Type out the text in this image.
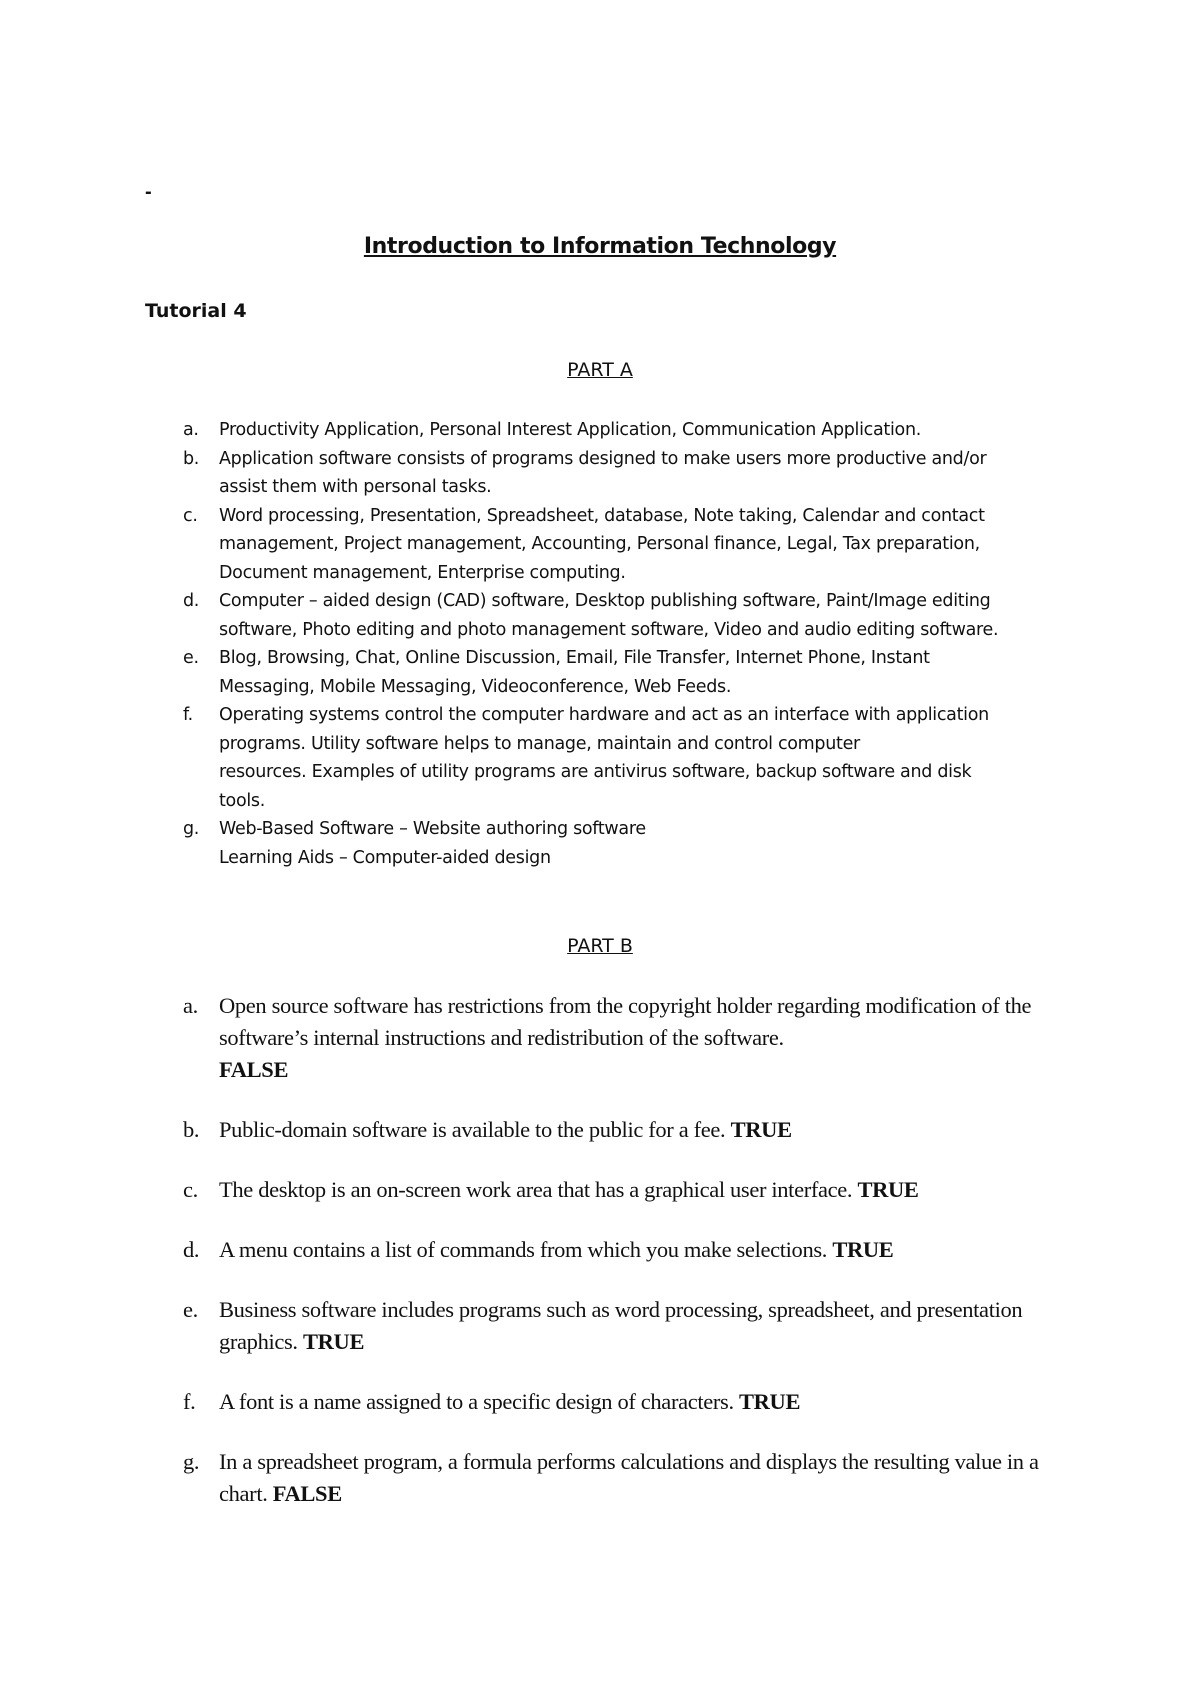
-
Introduction to Information Technology
Tutorial 4
PART A
a. Productivity Application, Personal Interest Application, Communication Application.
b. Application software consists of programs designed to make users more productive and/or
assist them with personal tasks.
c. Word processing, Presentation, Spreadsheet, database, Note taking, Calendar and contact
management, Project management, Accounting, Personal finance, Legal, Tax preparation,
Document management, Enterprise computing.
d. Computer – aided design (CAD) software, Desktop publishing software, Paint/Image editing
software, Photo editing and photo management software, Video and audio editing software.
e. Blog, Browsing, Chat, Online Discussion, Email, File Transfer, Internet Phone, Instant
Messaging, Mobile Messaging, Videoconference, Web Feeds.
f. Operating systems control the computer hardware and act as an interface with application
programs. Utility software helps to manage, maintain and control computer
resources. Examples of utility programs are antivirus software, backup software and disk
tools.
g. Web-Based Software – Website authoring software
Learning Aids – Computer-aided design
PART B
a. Open source software has restrictions from the copyright holder regarding modification of the software’s internal instructions and redistribution of the software.
FALSE
b. Public-domain software is available to the public for a fee. TRUE
c. The desktop is an on-screen work area that has a graphical user interface. TRUE
d. A menu contains a list of commands from which you make selections. TRUE
e. Business software includes programs such as word processing, spreadsheet, and presentation graphics. TRUE
f. A font is a name assigned to a specific design of characters. TRUE
g. In a spreadsheet program, a formula performs calculations and displays the resulting value in a chart. FALSE
